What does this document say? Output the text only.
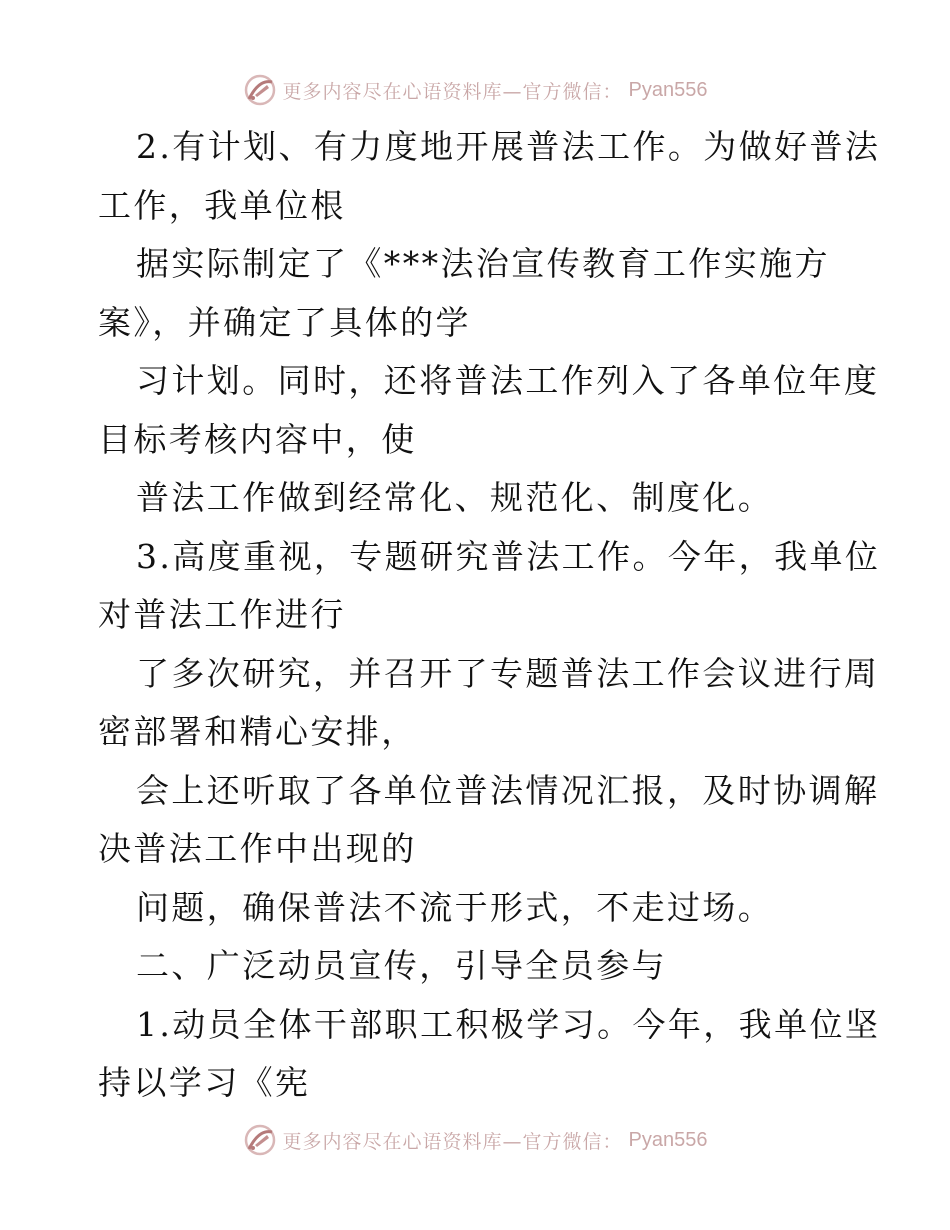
更多内容尽在心语资料库—官方微信： Pyan556
2.有计划、有力度地开展普法工作。为做好普法
工作，我单位根
据实际制定了《***法治宣传教育工作实施方
案》，并确定了具体的学
习计划。同时，还将普法工作列入了各单位年度
目标考核内容中，使
普法工作做到经常化、规范化、制度化。
3.高度重视，专题研究普法工作。今年，我单位
对普法工作进行
了多次研究，并召开了专题普法工作会议进行周
密部署和精心安排，
会上还听取了各单位普法情况汇报，及时协调解
决普法工作中出现的
问题，确保普法不流于形式，不走过场。
二、广泛动员宣传，引导全员参与
1.动员全体干部职工积极学习。今年，我单位坚
持以学习《宪
更多内容尽在心语资料库—官方微信： Pyan556
